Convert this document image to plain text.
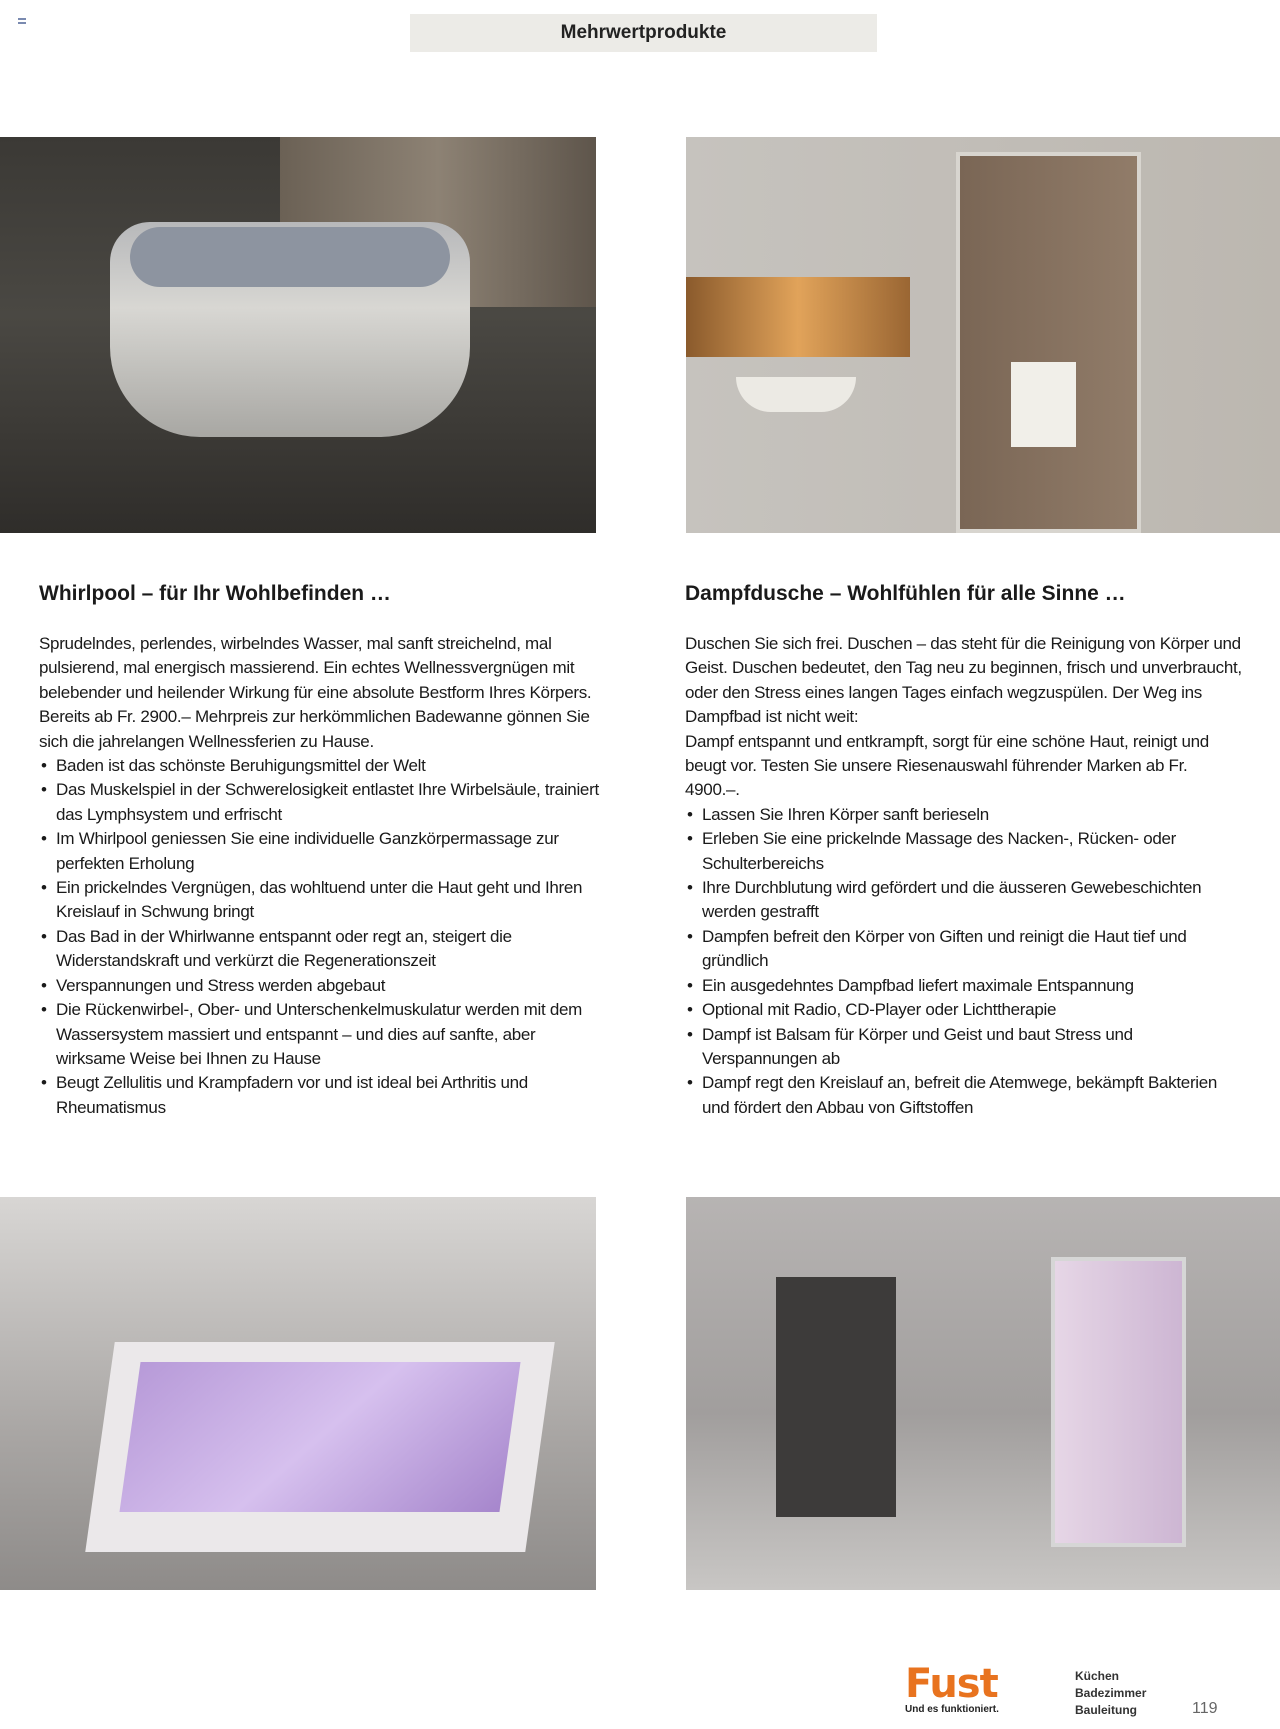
Mehrwertprodukte
Whirlpool – für Ihr Wohlbefinden …	Dampfdusche – Wohlfühlen für alle Sinne …

Sprudelndes, perlendes, wirbelndes Wasser, mal sanft streichelnd, mal pulsierend, mal energisch massierend. Ein echtes Wellnessvergnügen mit belebender und heilender Wirkung für eine absolute Bestform Ihres Körpers. Bereits ab Fr. 2900.– Mehrpreis zur herkömmlichen Badewanne gönnen Sie sich die jahrelangen Wellnessferien zu Hause.

• Baden ist das schönste Beruhigungsmittel der Welt
• Das Muskelspiel in der Schwerelosigkeit entlastet Ihre Wirbelsäule, trainiert das Lymphsystem und erfrischt
• Im Whirlpool geniessen Sie eine individuelle Ganzkörpermassage zur perfekten Erholung
• Ein prickelndes Vergnügen, das wohltuend unter die Haut geht und Ihren Kreislauf in Schwung bringt
• Das Bad in der Whirlwanne entspannt oder regt an, steigert die Widerstandskraft und verkürzt die Regenerationszeit
• Verspannungen und Stress werden abgebaut
• Die Rückenwirbel-, Ober- und Unterschenkelmuskulatur werden mit dem Wassersystem massiert und entspannt – und dies auf sanfte, aber wirksame Weise bei Ihnen zu Hause
• Beugt Zellulitis und Krampfadern vor und ist ideal bei Arthritis und Rheumatismus

Duschen Sie sich frei. Duschen – das steht für die Reinigung von Körper und Geist. Duschen bedeutet, den Tag neu zu beginnen, frisch und unverbraucht, oder den Stress eines langen Tages einfach wegzuspülen. Der Weg ins Dampfbad ist nicht weit:

Dampf entspannt und entkrampft, sorgt für eine schöne Haut, reinigt und beugt vor. Testen Sie unsere Riesenauswahl führender Marken ab Fr. 4900.–.

• Lassen Sie Ihren Körper sanft berieseln
• Erleben Sie eine prickelnde Massage des Nacken-, Rücken- oder Schulterbereichs
• Ihre Durchblutung wird gefördert und die äusseren Gewebeschichten werden gestrafft
• Dampfen befreit den Körper von Giften und reinigt die Haut tief und gründlich
• Ein ausgedehntes Dampfbad liefert maximale Entspannung
• Optional mit Radio, CD-Player oder Lichttherapie
• Dampf ist Balsam für Körper und Geist und baut Stress und Verspannungen ab
• Dampf regt den Kreislauf an, befreit die Atemwege, bekämpft Bakterien und fördert den Abbau von Giftstoffen
Fust
Und es funktioniert.
Küchen
Badezimmer
Bauleitung	119
